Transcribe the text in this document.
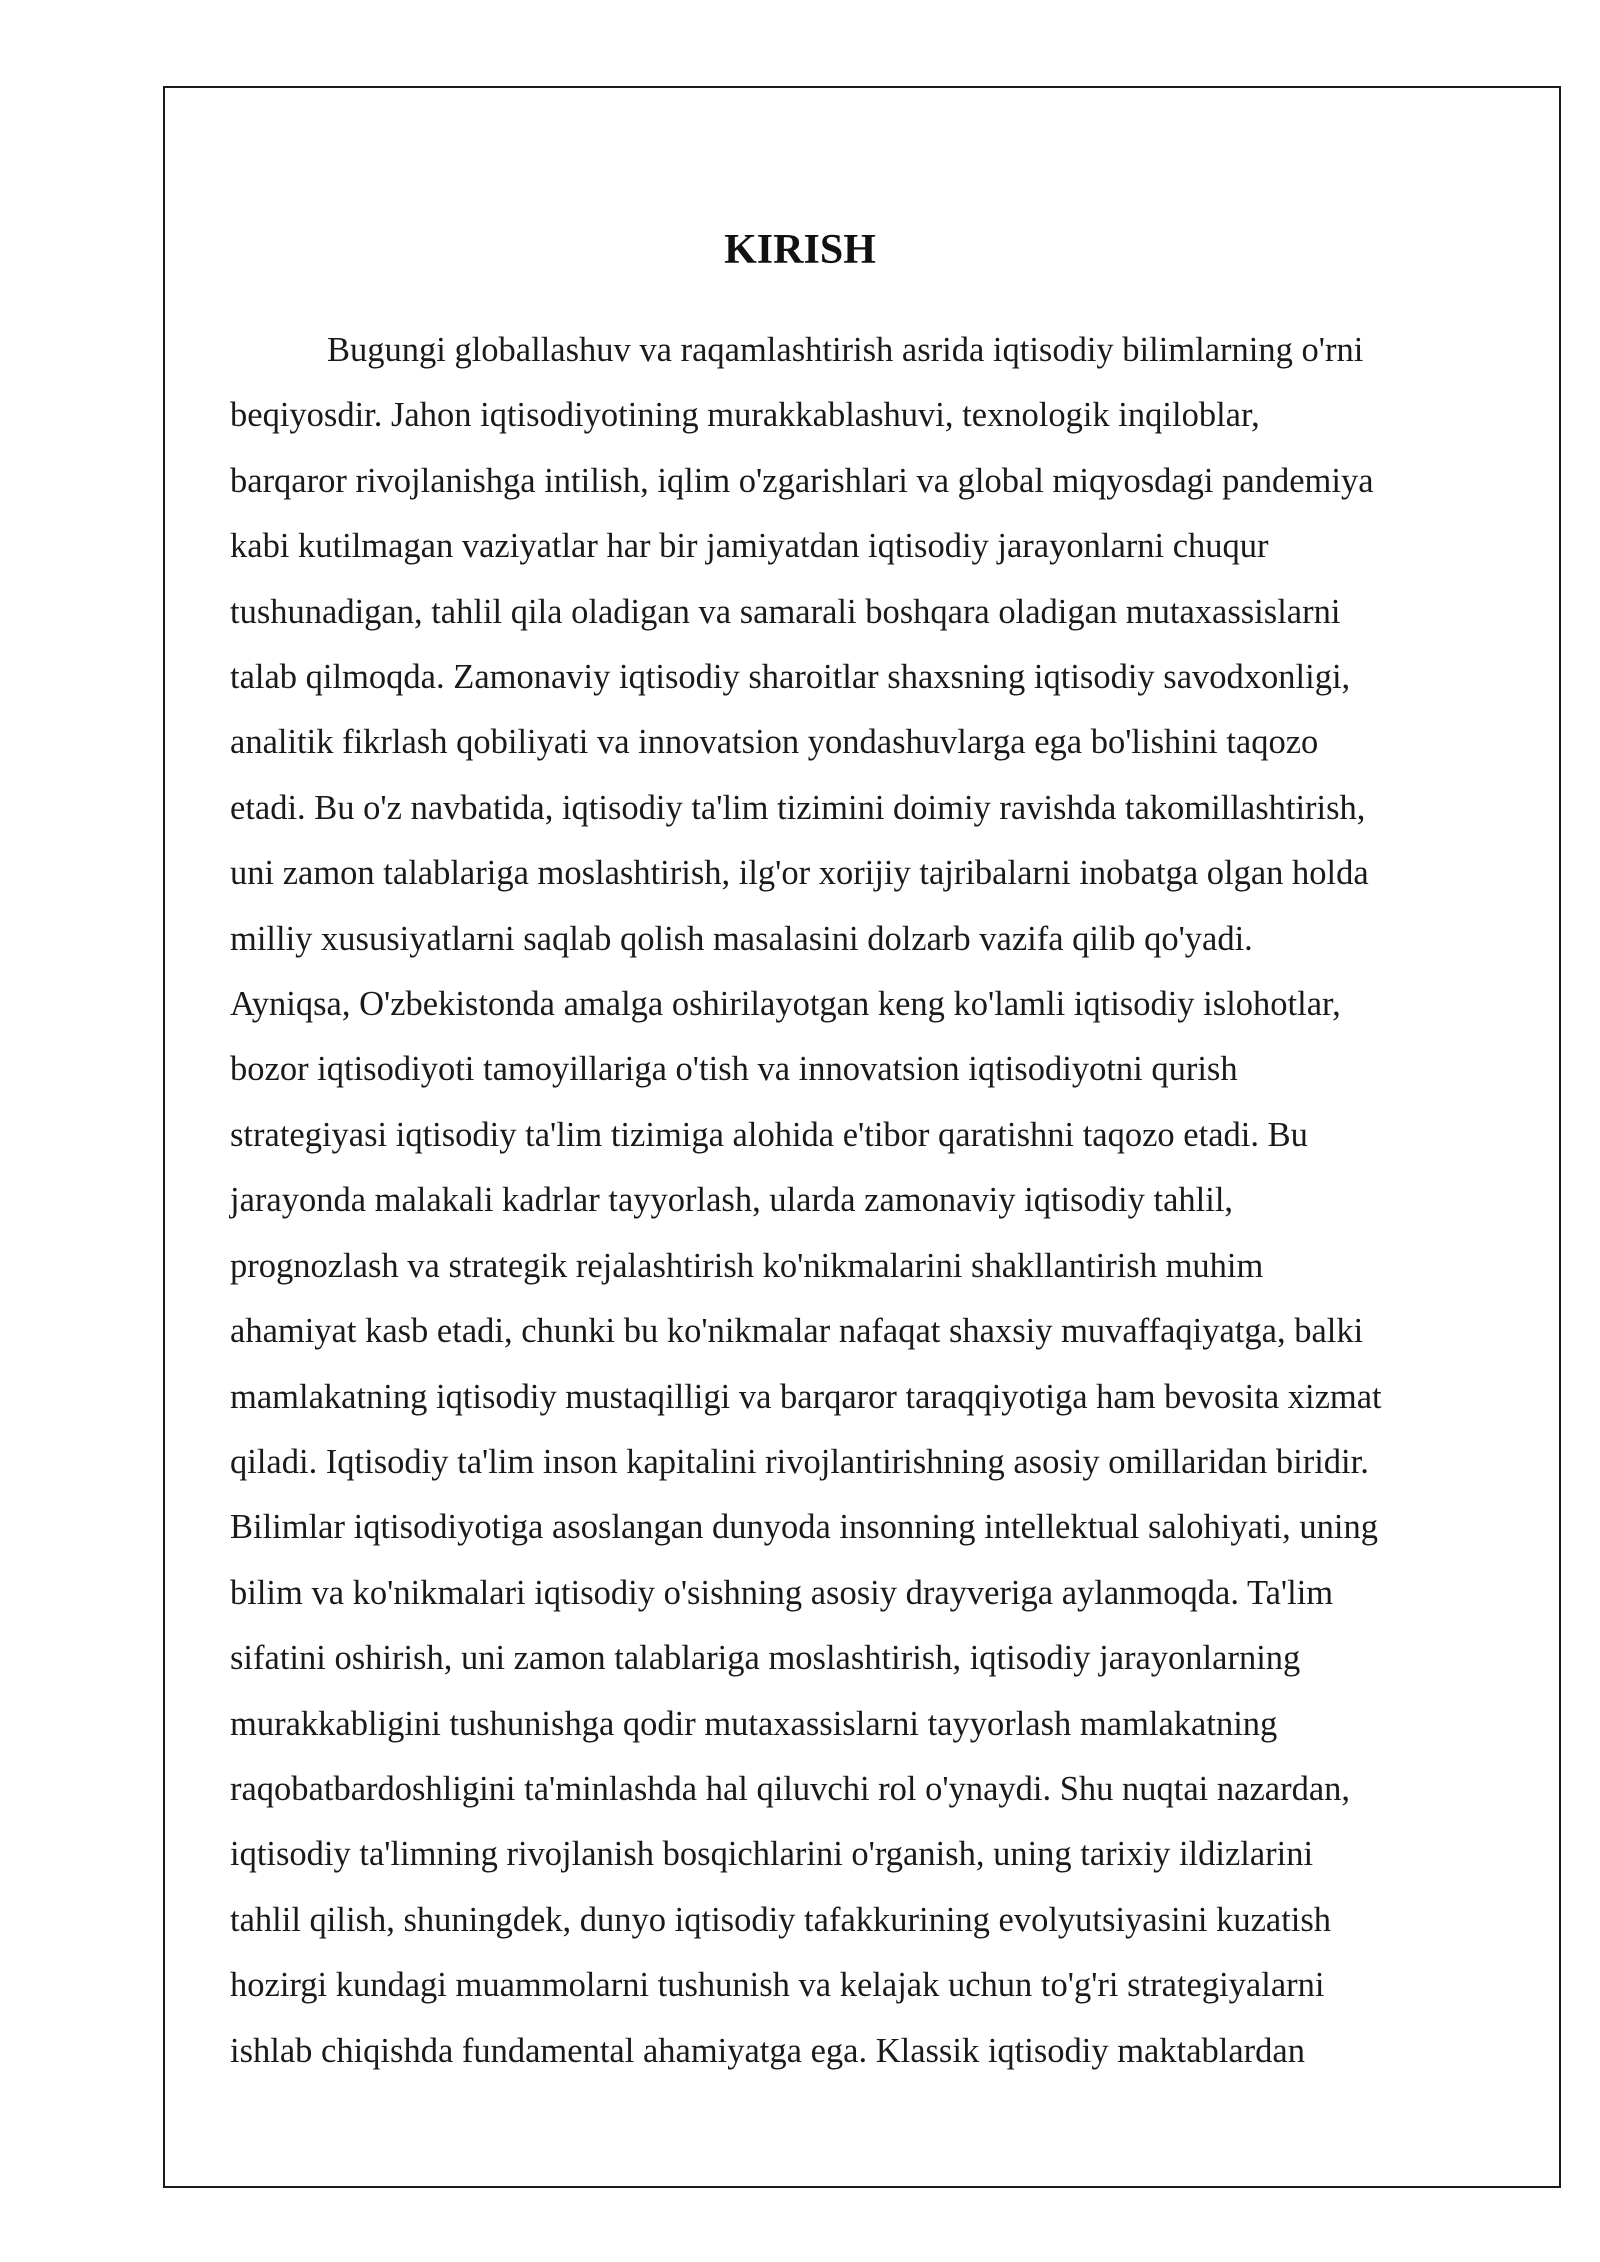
KIRISH
Bugungi globallashuv va raqamlashtirish asrida iqtisodiy bilimlarning o'rni
beqiyosdir. Jahon iqtisodiyotining murakkablashuvi, texnologik inqiloblar,
barqaror rivojlanishga intilish, iqlim o'zgarishlari va global miqyosdagi pandemiya
kabi kutilmagan vaziyatlar har bir jamiyatdan iqtisodiy jarayonlarni chuqur
tushunadigan, tahlil qila oladigan va samarali boshqara oladigan mutaxassislarni
talab qilmoqda. Zamonaviy iqtisodiy sharoitlar shaxsning iqtisodiy savodxonligi,
analitik fikrlash qobiliyati va innovatsion yondashuvlarga ega bo'lishini taqozo
etadi. Bu o'z navbatida, iqtisodiy ta'lim tizimini doimiy ravishda takomillashtirish,
uni zamon talablariga moslashtirish, ilg'or xorijiy tajribalarni inobatga olgan holda
milliy xususiyatlarni saqlab qolish masalasini dolzarb vazifa qilib qo'yadi.
Ayniqsa, O'zbekistonda amalga oshirilayotgan keng ko'lamli iqtisodiy islohotlar,
bozor iqtisodiyoti tamoyillariga o'tish va innovatsion iqtisodiyotni qurish
strategiyasi iqtisodiy ta'lim tizimiga alohida e'tibor qaratishni taqozo etadi. Bu
jarayonda malakali kadrlar tayyorlash, ularda zamonaviy iqtisodiy tahlil,
prognozlash va strategik rejalashtirish ko'nikmalarini shakllantirish muhim
ahamiyat kasb etadi, chunki bu ko'nikmalar nafaqat shaxsiy muvaffaqiyatga, balki
mamlakatning iqtisodiy mustaqilligi va barqaror taraqqiyotiga ham bevosita xizmat
qiladi. Iqtisodiy ta'lim inson kapitalini rivojlantirishning asosiy omillaridan biridir.
Bilimlar iqtisodiyotiga asoslangan dunyoda insonning intellektual salohiyati, uning
bilim va ko'nikmalari iqtisodiy o'sishning asosiy drayveriga aylanmoqda. Ta'lim
sifatini oshirish, uni zamon talablariga moslashtirish, iqtisodiy jarayonlarning
murakkabligini tushunishga qodir mutaxassislarni tayyorlash mamlakatning
raqobatbardoshligini ta'minlashda hal qiluvchi rol o'ynaydi. Shu nuqtai nazardan,
iqtisodiy ta'limning rivojlanish bosqichlarini o'rganish, uning tarixiy ildizlarini
tahlil qilish, shuningdek, dunyo iqtisodiy tafakkurining evolyutsiyasini kuzatish
hozirgi kundagi muammolarni tushunish va kelajak uchun to'g'ri strategiyalarni
ishlab chiqishda fundamental ahamiyatga ega. Klassik iqtisodiy maktablardan
